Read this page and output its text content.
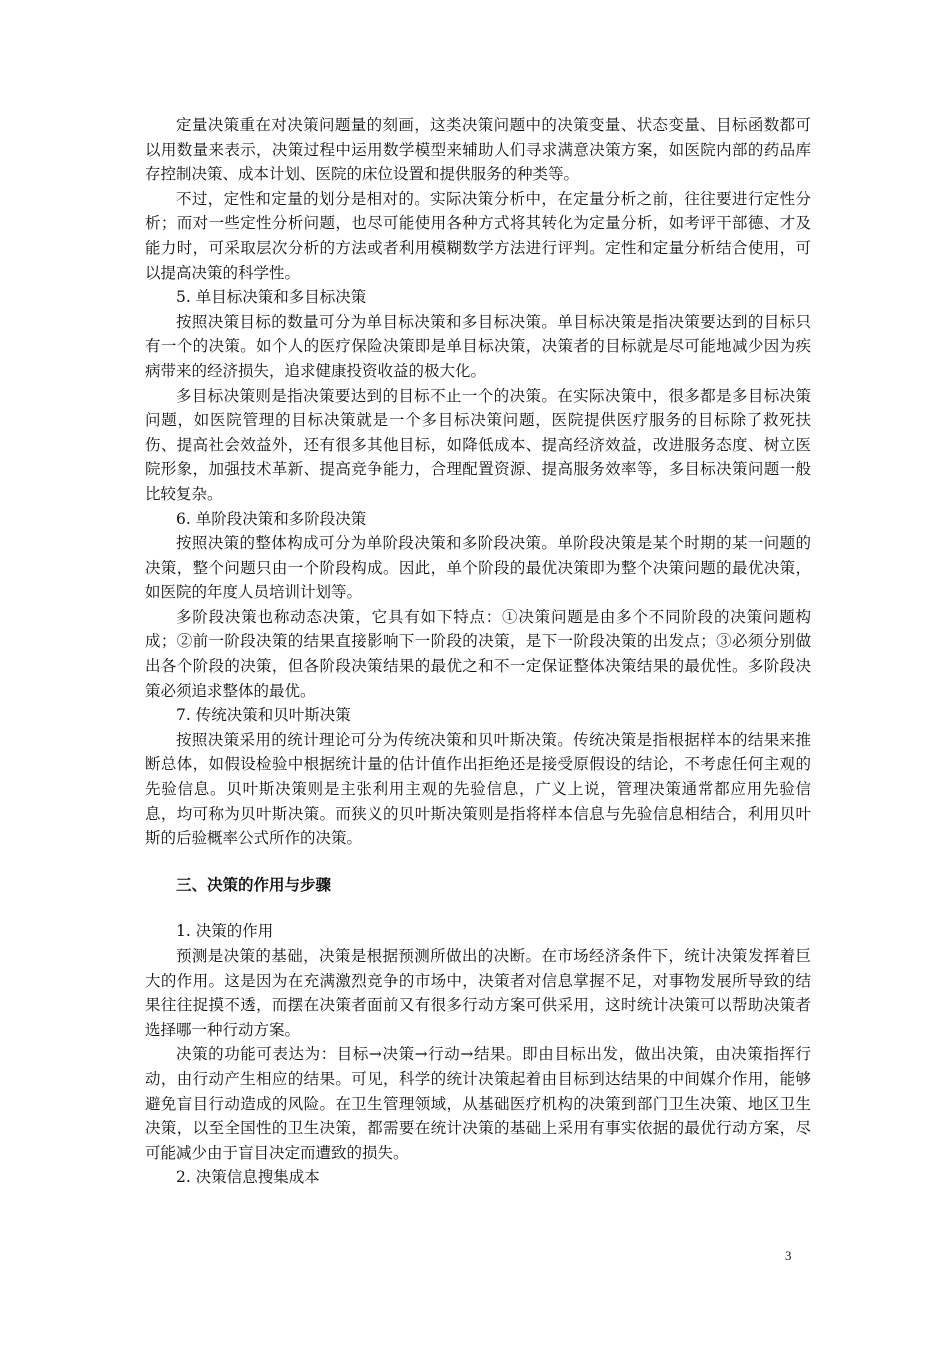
定量决策重在对决策问题量的刻画，这类决策问题中的决策变量、状态变量、目标函数都可以用数量来表示，决策过程中运用数学模型来辅助人们寻求满意决策方案，如医院内部的药品库存控制决策、成本计划、医院的床位设置和提供服务的种类等。

不过，定性和定量的划分是相对的。实际决策分析中，在定量分析之前，往往要进行定性分析；而对一些定性分析问题，也尽可能使用各种方式将其转化为定量分析，如考评干部德、才及能力时，可采取层次分析的方法或者利用模糊数学方法进行评判。定性和定量分析结合使用，可以提高决策的科学性。

5. 单目标决策和多目标决策

按照决策目标的数量可分为单目标决策和多目标决策。单目标决策是指决策要达到的目标只有一个的决策。如个人的医疗保险决策即是单目标决策，决策者的目标就是尽可能地减少因为疾病带来的经济损失，追求健康投资收益的极大化。

多目标决策则是指决策要达到的目标不止一个的决策。在实际决策中，很多都是多目标决策问题，如医院管理的目标决策就是一个多目标决策问题，医院提供医疗服务的目标除了救死扶伤、提高社会效益外，还有很多其他目标，如降低成本、提高经济效益，改进服务态度、树立医院形象，加强技术革新、提高竞争能力，合理配置资源、提高服务效率等，多目标决策问题一般比较复杂。

6. 单阶段决策和多阶段决策

按照决策的整体构成可分为单阶段决策和多阶段决策。单阶段决策是某个时期的某一问题的决策，整个问题只由一个阶段构成。因此，单个阶段的最优决策即为整个决策问题的最优决策，如医院的年度人员培训计划等。

多阶段决策也称动态决策，它具有如下特点：①决策问题是由多个不同阶段的决策问题构成；②前一阶段决策的结果直接影响下一阶段的决策，是下一阶段决策的出发点；③必须分别做出各个阶段的决策，但各阶段决策结果的最优之和不一定保证整体决策结果的最优性。多阶段决策必须追求整体的最优。

7. 传统决策和贝叶斯决策

按照决策采用的统计理论可分为传统决策和贝叶斯决策。传统决策是指根据样本的结果来推断总体，如假设检验中根据统计量的估计值作出拒绝还是接受原假设的结论，不考虑任何主观的先验信息。贝叶斯决策则是主张利用主观的先验信息，广义上说，管理决策通常都应用先验信息，均可称为贝叶斯决策。而狭义的贝叶斯决策则是指将样本信息与先验信息相结合，利用贝叶斯的后验概率公式所作的决策。

三、决策的作用与步骤

1. 决策的作用

预测是决策的基础，决策是根据预测所做出的决断。在市场经济条件下，统计决策发挥着巨大的作用。这是因为在充满激烈竞争的市场中，决策者对信息掌握不足，对事物发展所导致的结果往往捉摸不透，而摆在决策者面前又有很多行动方案可供采用，这时统计决策可以帮助决策者选择哪一种行动方案。

决策的功能可表达为：目标→决策→行动→结果。即由目标出发，做出决策，由决策指挥行动，由行动产生相应的结果。可见，科学的统计决策起着由目标到达结果的中间媒介作用，能够避免盲目行动造成的风险。在卫生管理领域，从基础医疗机构的决策到部门卫生决策、地区卫生决策，以至全国性的卫生决策，都需要在统计决策的基础上采用有事实依据的最优行动方案，尽可能减少由于盲目决定而遭致的损失。

2. 决策信息搜集成本

3
